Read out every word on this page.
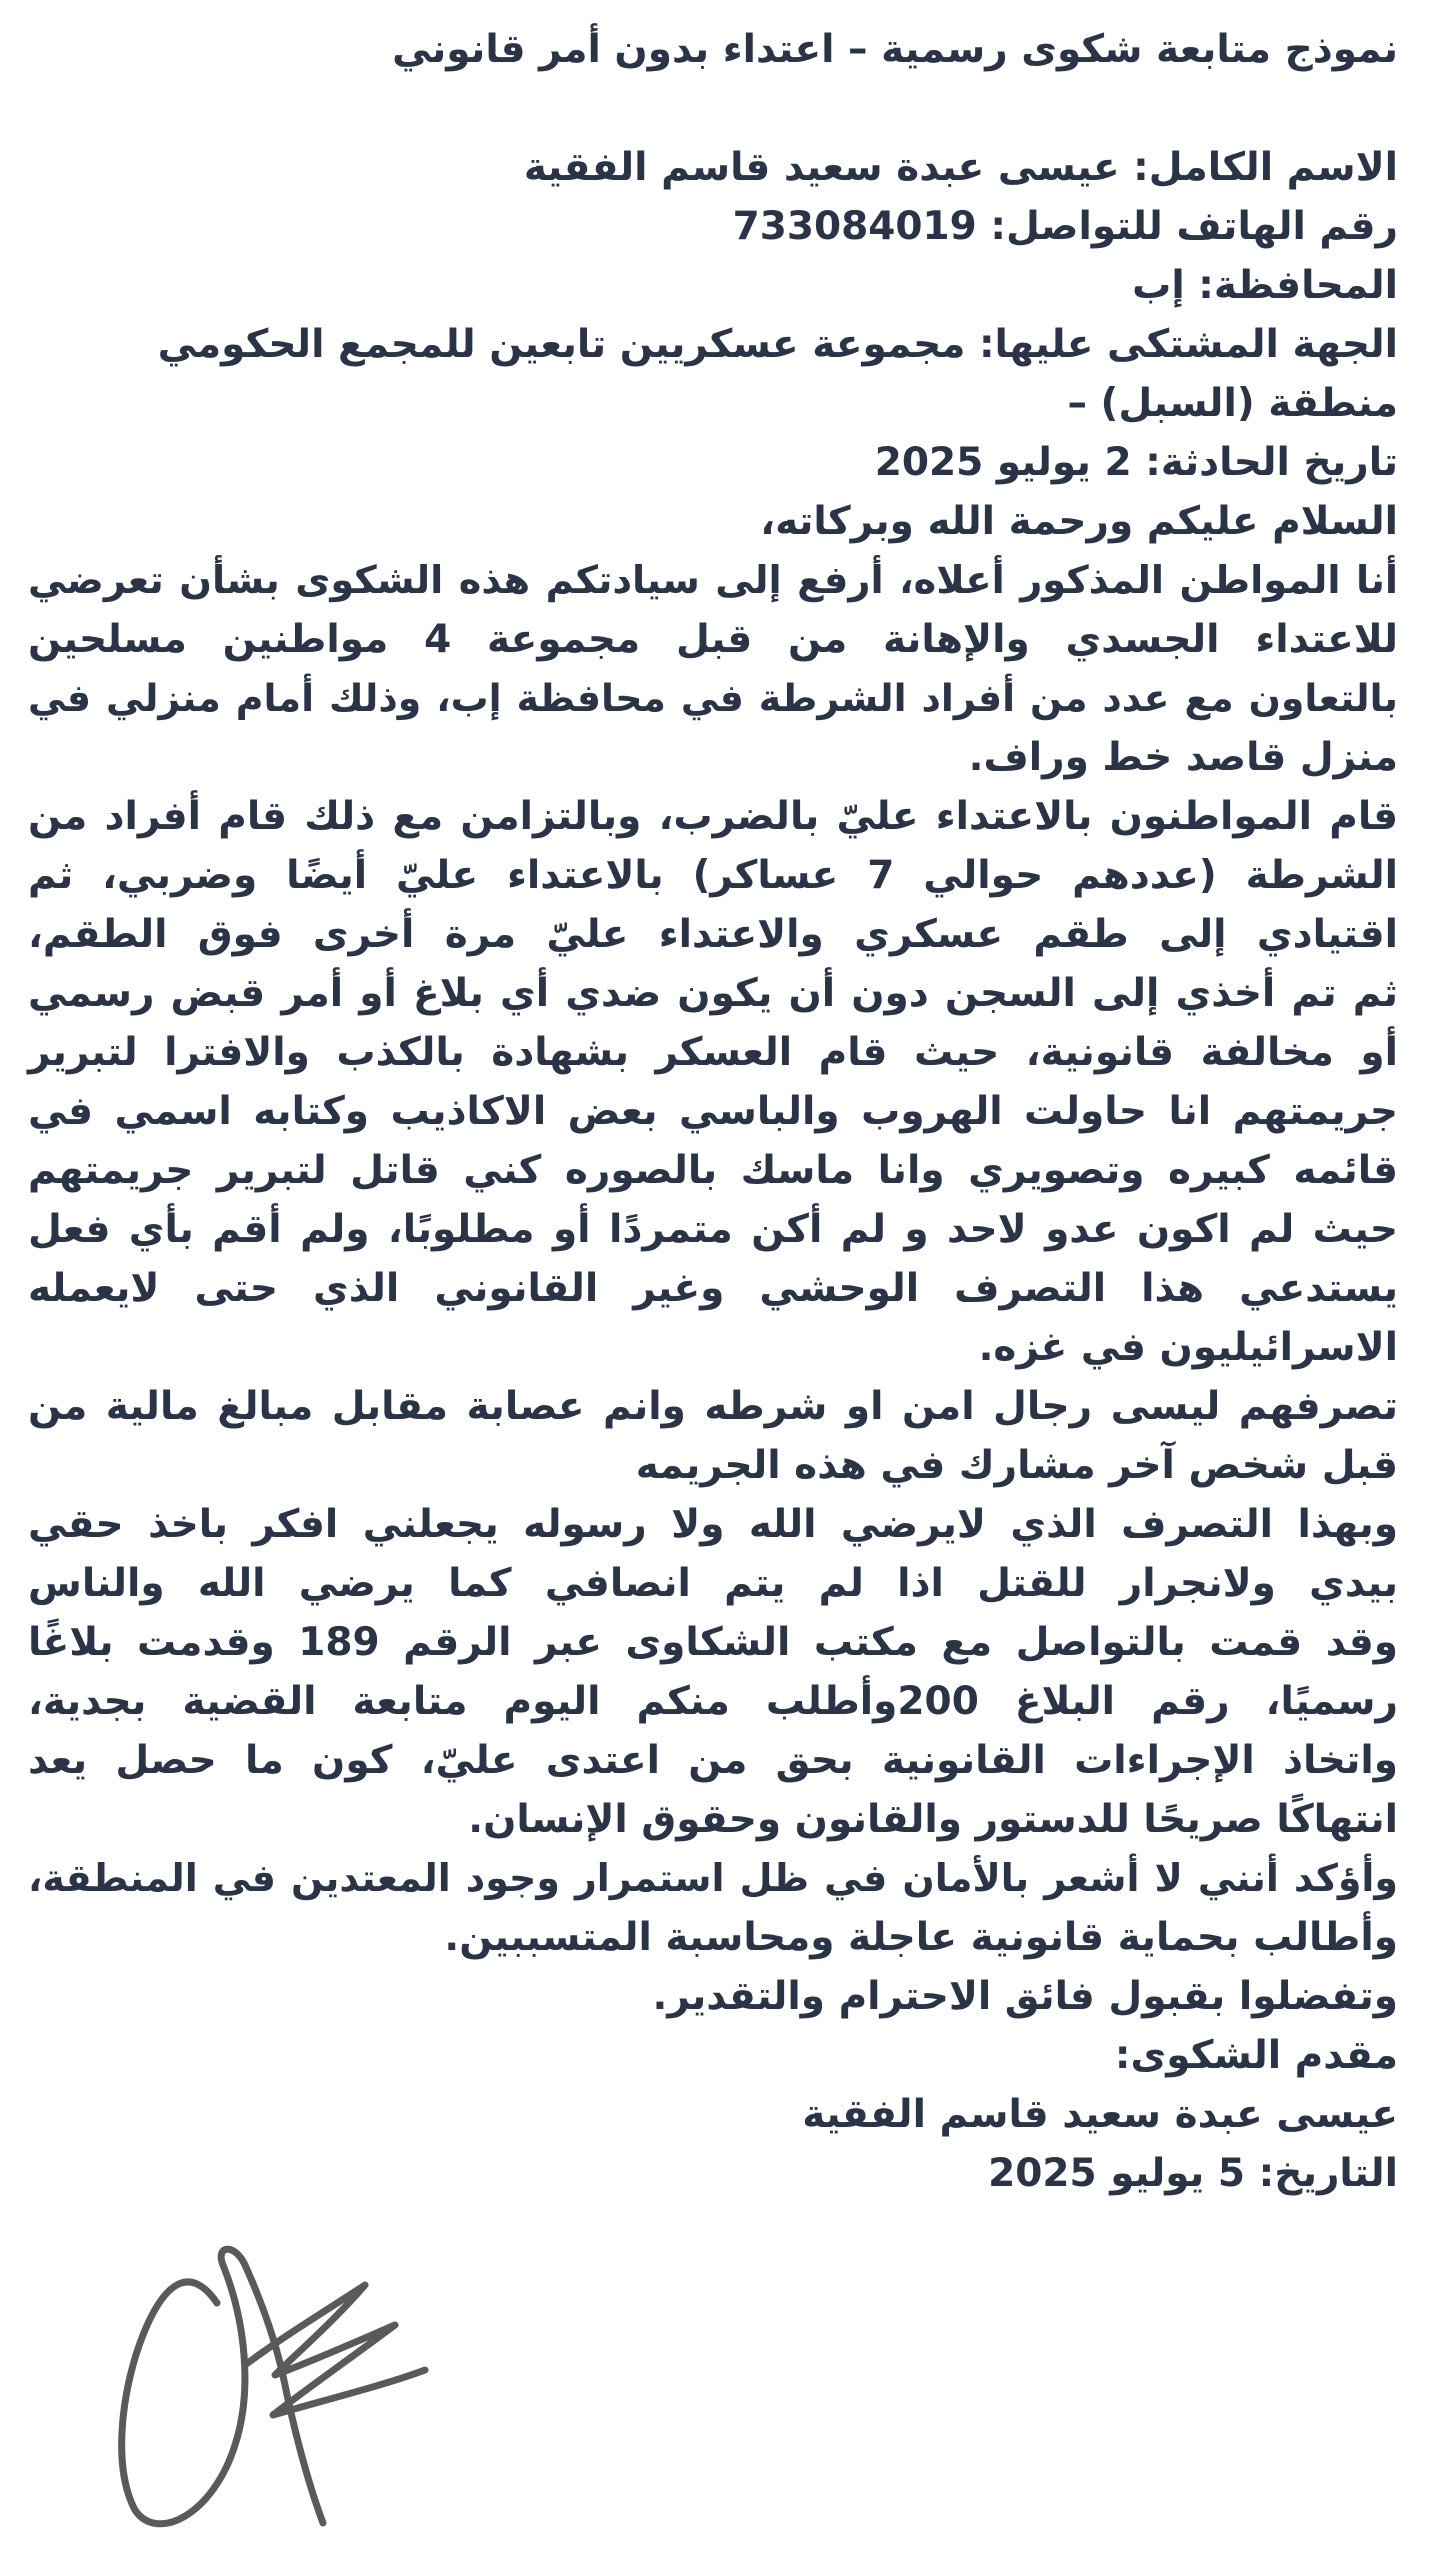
نموذج متابعة شكوى رسمية – اعتداء بدون أمر قانوني
الاسم الكامل: عيسى عبدة سعيد قاسم الفقية
رقم الهاتف للتواصل: 733084019
المحافظة: إب
الجهة المشتكى عليها: مجموعة عسكريين تابعين للمجمع الحكومي
منطقة (السبل) –
تاريخ الحادثة: 2 يوليو 2025
السلام عليكم ورحمة الله وبركاته،
أنا المواطن المذكور أعلاه، أرفع إلى سيادتكم هذه الشكوى بشأن تعرضي
للاعتداء الجسدي والإهانة من قبل مجموعة 4 مواطنين مسلحين
بالتعاون مع عدد من أفراد الشرطة في محافظة إب، وذلك أمام منزلي في
منزل قاصد خط وراف.
قام المواطنون بالاعتداء عليّ بالضرب، وبالتزامن مع ذلك قام أفراد من
الشرطة (عددهم حوالي 7 عساكر) بالاعتداء عليّ أيضًا وضربي، ثم
اقتيادي إلى طقم عسكري والاعتداء عليّ مرة أخرى فوق الطقم،
ثم تم أخذي إلى السجن دون أن يكون ضدي أي بلاغ أو أمر قبض رسمي
أو مخالفة قانونية، حيث قام العسكر بشهادة بالكذب والافترا لتبرير
جريمتهم انا حاولت الهروب والباسي بعض الاكاذيب وكتابه اسمي في
قائمه كبيره وتصويري وانا ماسك بالصوره كني قاتل لتبرير جريمتهم
حيث لم اكون عدو لاحد و لم أكن متمردًا أو مطلوبًا، ولم أقم بأي فعل
يستدعي هذا التصرف الوحشي وغير القانوني الذي حتى لايعمله
الاسرائيليون في غزه.
تصرفهم ليسى رجال امن او شرطه وانم عصابة مقابل مبالغ مالية من
قبل شخص آخر مشارك في هذه الجريمه
وبهذا التصرف الذي لايرضي الله ولا رسوله يجعلني افكر باخذ حقي
بيدي ولانجرار للقتل اذا لم يتم انصافي كما يرضي الله والناس
وقد قمت بالتواصل مع مكتب الشكاوى عبر الرقم 189 وقدمت بلاغًا
رسميًا، رقم البلاغ 200وأطلب منكم اليوم متابعة القضية بجدية،
واتخاذ الإجراءات القانونية بحق من اعتدى عليّ، كون ما حصل يعد
انتهاكًا صريحًا للدستور والقانون وحقوق الإنسان.
وأؤكد أنني لا أشعر بالأمان في ظل استمرار وجود المعتدين في المنطقة،
وأطالب بحماية قانونية عاجلة ومحاسبة المتسببين.
وتفضلوا بقبول فائق الاحترام والتقدير.
مقدم الشكوى:
عيسى عبدة سعيد قاسم الفقية
التاريخ: 5 يوليو 2025
